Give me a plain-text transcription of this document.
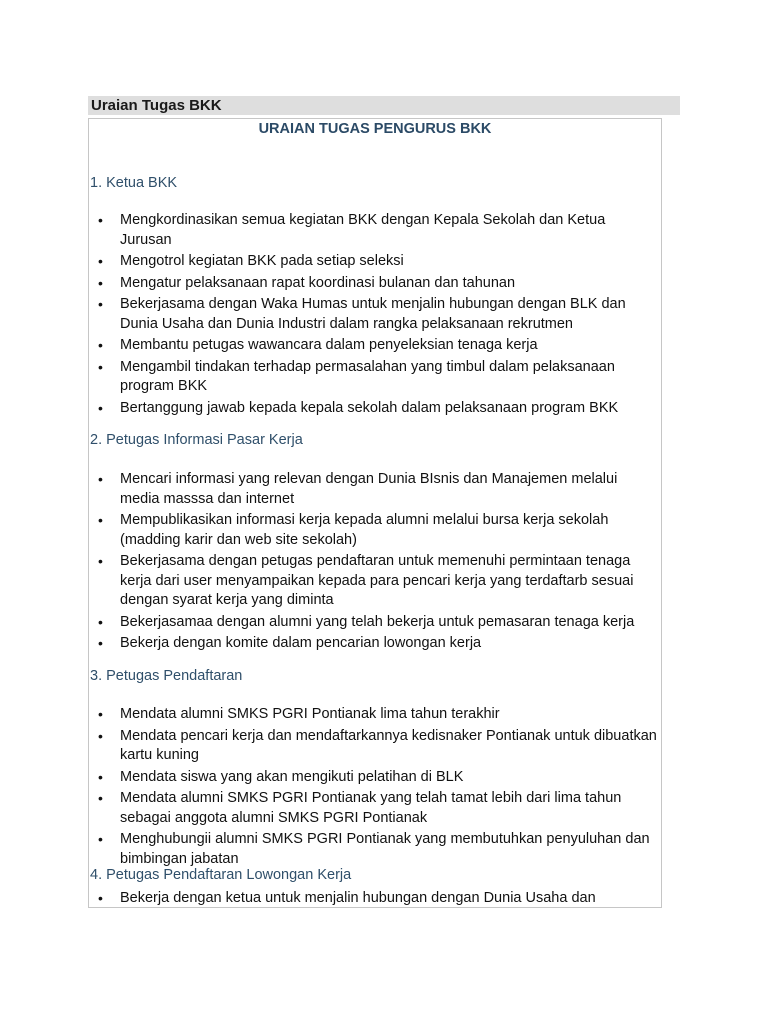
Uraian Tugas BKK
URAIAN TUGAS PENGURUS BKK
1. Ketua BKK
• Mengkordinasikan semua kegiatan BKK dengan Kepala Sekolah dan Ketua Jurusan
• Mengotrol kegiatan BKK pada setiap seleksi
• Mengatur pelaksanaan rapat koordinasi bulanan dan tahunan
• Bekerjasama dengan Waka Humas untuk menjalin hubungan dengan BLK dan Dunia Usaha dan Dunia Industri dalam rangka pelaksanaan rekrutmen
• Membantu petugas wawancara dalam penyeleksian tenaga kerja
• Mengambil tindakan terhadap permasalahan yang timbul dalam pelaksanaan program BKK
• Bertanggung jawab kepada kepala sekolah dalam pelaksanaan program BKK
2. Petugas Informasi Pasar Kerja
• Mencari informasi yang relevan dengan Dunia BIsnis dan Manajemen melalui media masssa dan internet
• Mempublikasikan informasi kerja kepada alumni melalui bursa kerja sekolah (madding karir dan web site sekolah)
• Bekerjasama dengan petugas pendaftaran untuk memenuhi permintaan tenaga kerja dari user menyampaikan kepada para pencari kerja yang terdaftarb sesuai dengan syarat kerja yang diminta
• Bekerjasamaa dengan alumni yang telah bekerja untuk pemasaran tenaga kerja
• Bekerja dengan komite dalam pencarian lowongan kerja
3. Petugas Pendaftaran
• Mendata alumni SMKS PGRI Pontianak lima tahun terakhir
• Mendata pencari kerja dan mendaftarkannya kedisnaker Pontianak untuk dibuatkan kartu kuning
• Mendata siswa yang akan mengikuti pelatihan di BLK
• Mendata alumni SMKS PGRI Pontianak yang telah tamat lebih dari lima tahun sebagai anggota alumni SMKS PGRI Pontianak
• Menghubungii alumni SMKS PGRI Pontianak yang membutuhkan penyuluhan dan bimbingan jabatan
4. Petugas Pendaftaran Lowongan Kerja
• Bekerja dengan ketua untuk menjalin hubungan dengan Dunia Usaha dan
